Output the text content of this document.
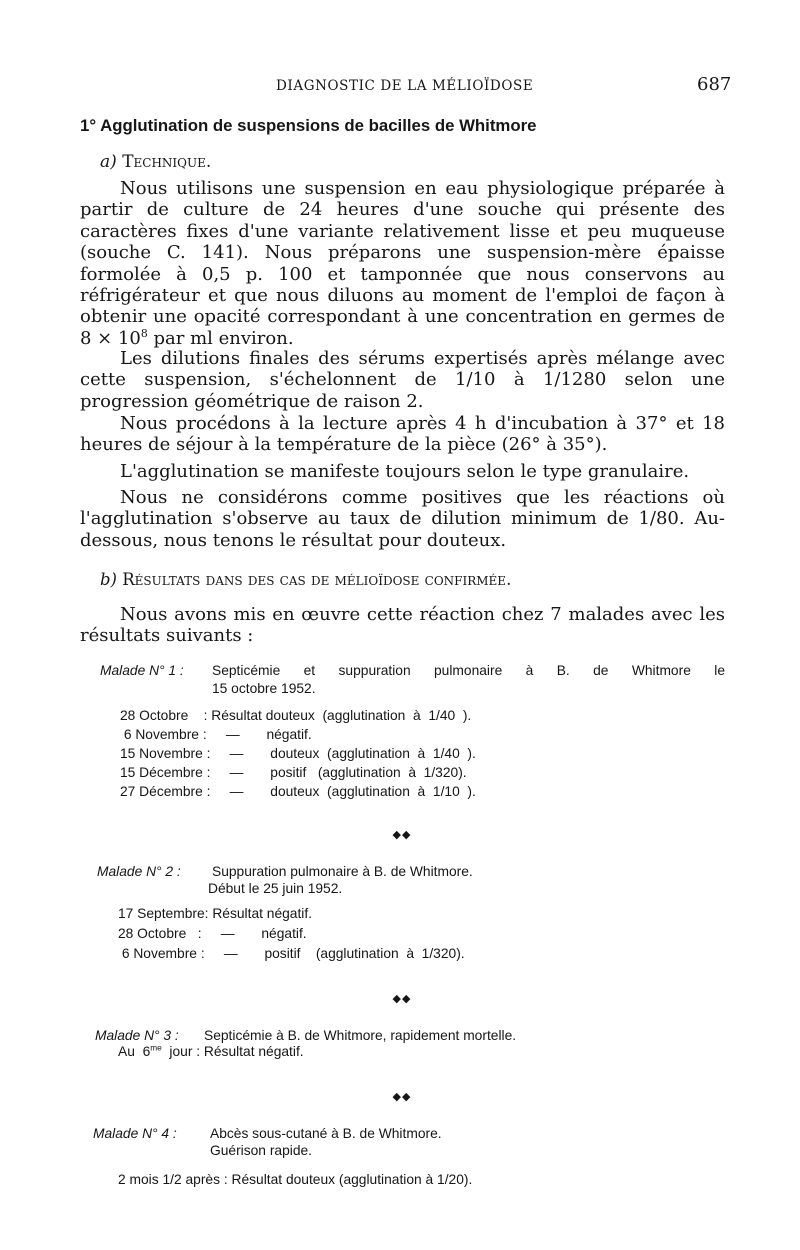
DIAGNOSTIC DE LA MÉLIOÏDOSE	687
1° Agglutination de suspensions de bacilles de Whitmore
a) Technique.

Nous utilisons une suspension en eau physiologique préparée à partir de culture de 24 heures d'une souche qui présente des caractères fixes d'une variante relativement lisse et peu muqueuse (souche C. 141). Nous préparons une suspension-mère épaisse formolée à 0,5 p. 100 et tamponnée que nous conservons au réfrigérateur et que nous diluons au moment de l'emploi de façon à obtenir une opacité correspondant à une concentration en germes de $8 \times 10^8$ par ml environ.

Les dilutions finales des sérums expertisés après mélange avec cette suspension, s'échelonnent de 1/10 à 1/1280 selon une progression géométrique de raison 2.

Nous procédons à la lecture après 4 h d'incubation à 37° et 18 heures de séjour à la température de la pièce (26° à 35°).

L'agglutination se manifeste toujours selon le type granulaire.

Nous ne considérons comme positives que les réactions où l'agglutination s'observe au taux de dilution minimum de 1/80. Au-dessous, nous tenons le résultat pour douteux.

b) Résultats dans des cas de mélioïdose confirmée.

Nous avons mis en œuvre cette réaction chez 7 malades avec les résultats suivants :

Malade N° 1 : Septicémie et suppuration pulmonaire à B. de Whitmore le
15 octobre 1952.
28 Octobre    : Résultat douteux  (agglutination  à  1/40  ).
6 Novembre :     —       négatif.
15 Novembre :     —       douteux  (agglutination  à  1/40  ).
15 Décembre :     —       positif   (agglutination  à  1/320).
27 Décembre :     —       douteux  (agglutination  à  1/10  ).
◆◆
Malade N° 2 : Suppuration pulmonaire à B. de Whitmore.
Début le 25 juin 1952.
17 Septembre: Résultat négatif.
28 Octobre   :     —       négatif.
6 Novembre :     —       positif    (agglutination  à  1/320).
◆◆
Malade N° 3 : Septicémie à B. de Whitmore, rapidement mortelle.
Au $6^{me}$ jour : Résultat négatif.
◆◆
Malade N° 4 : Abcès sous-cutané à B. de Whitmore.
Guérison rapide.
2 mois 1/2 après : Résultat douteux (agglutination à 1/20).
